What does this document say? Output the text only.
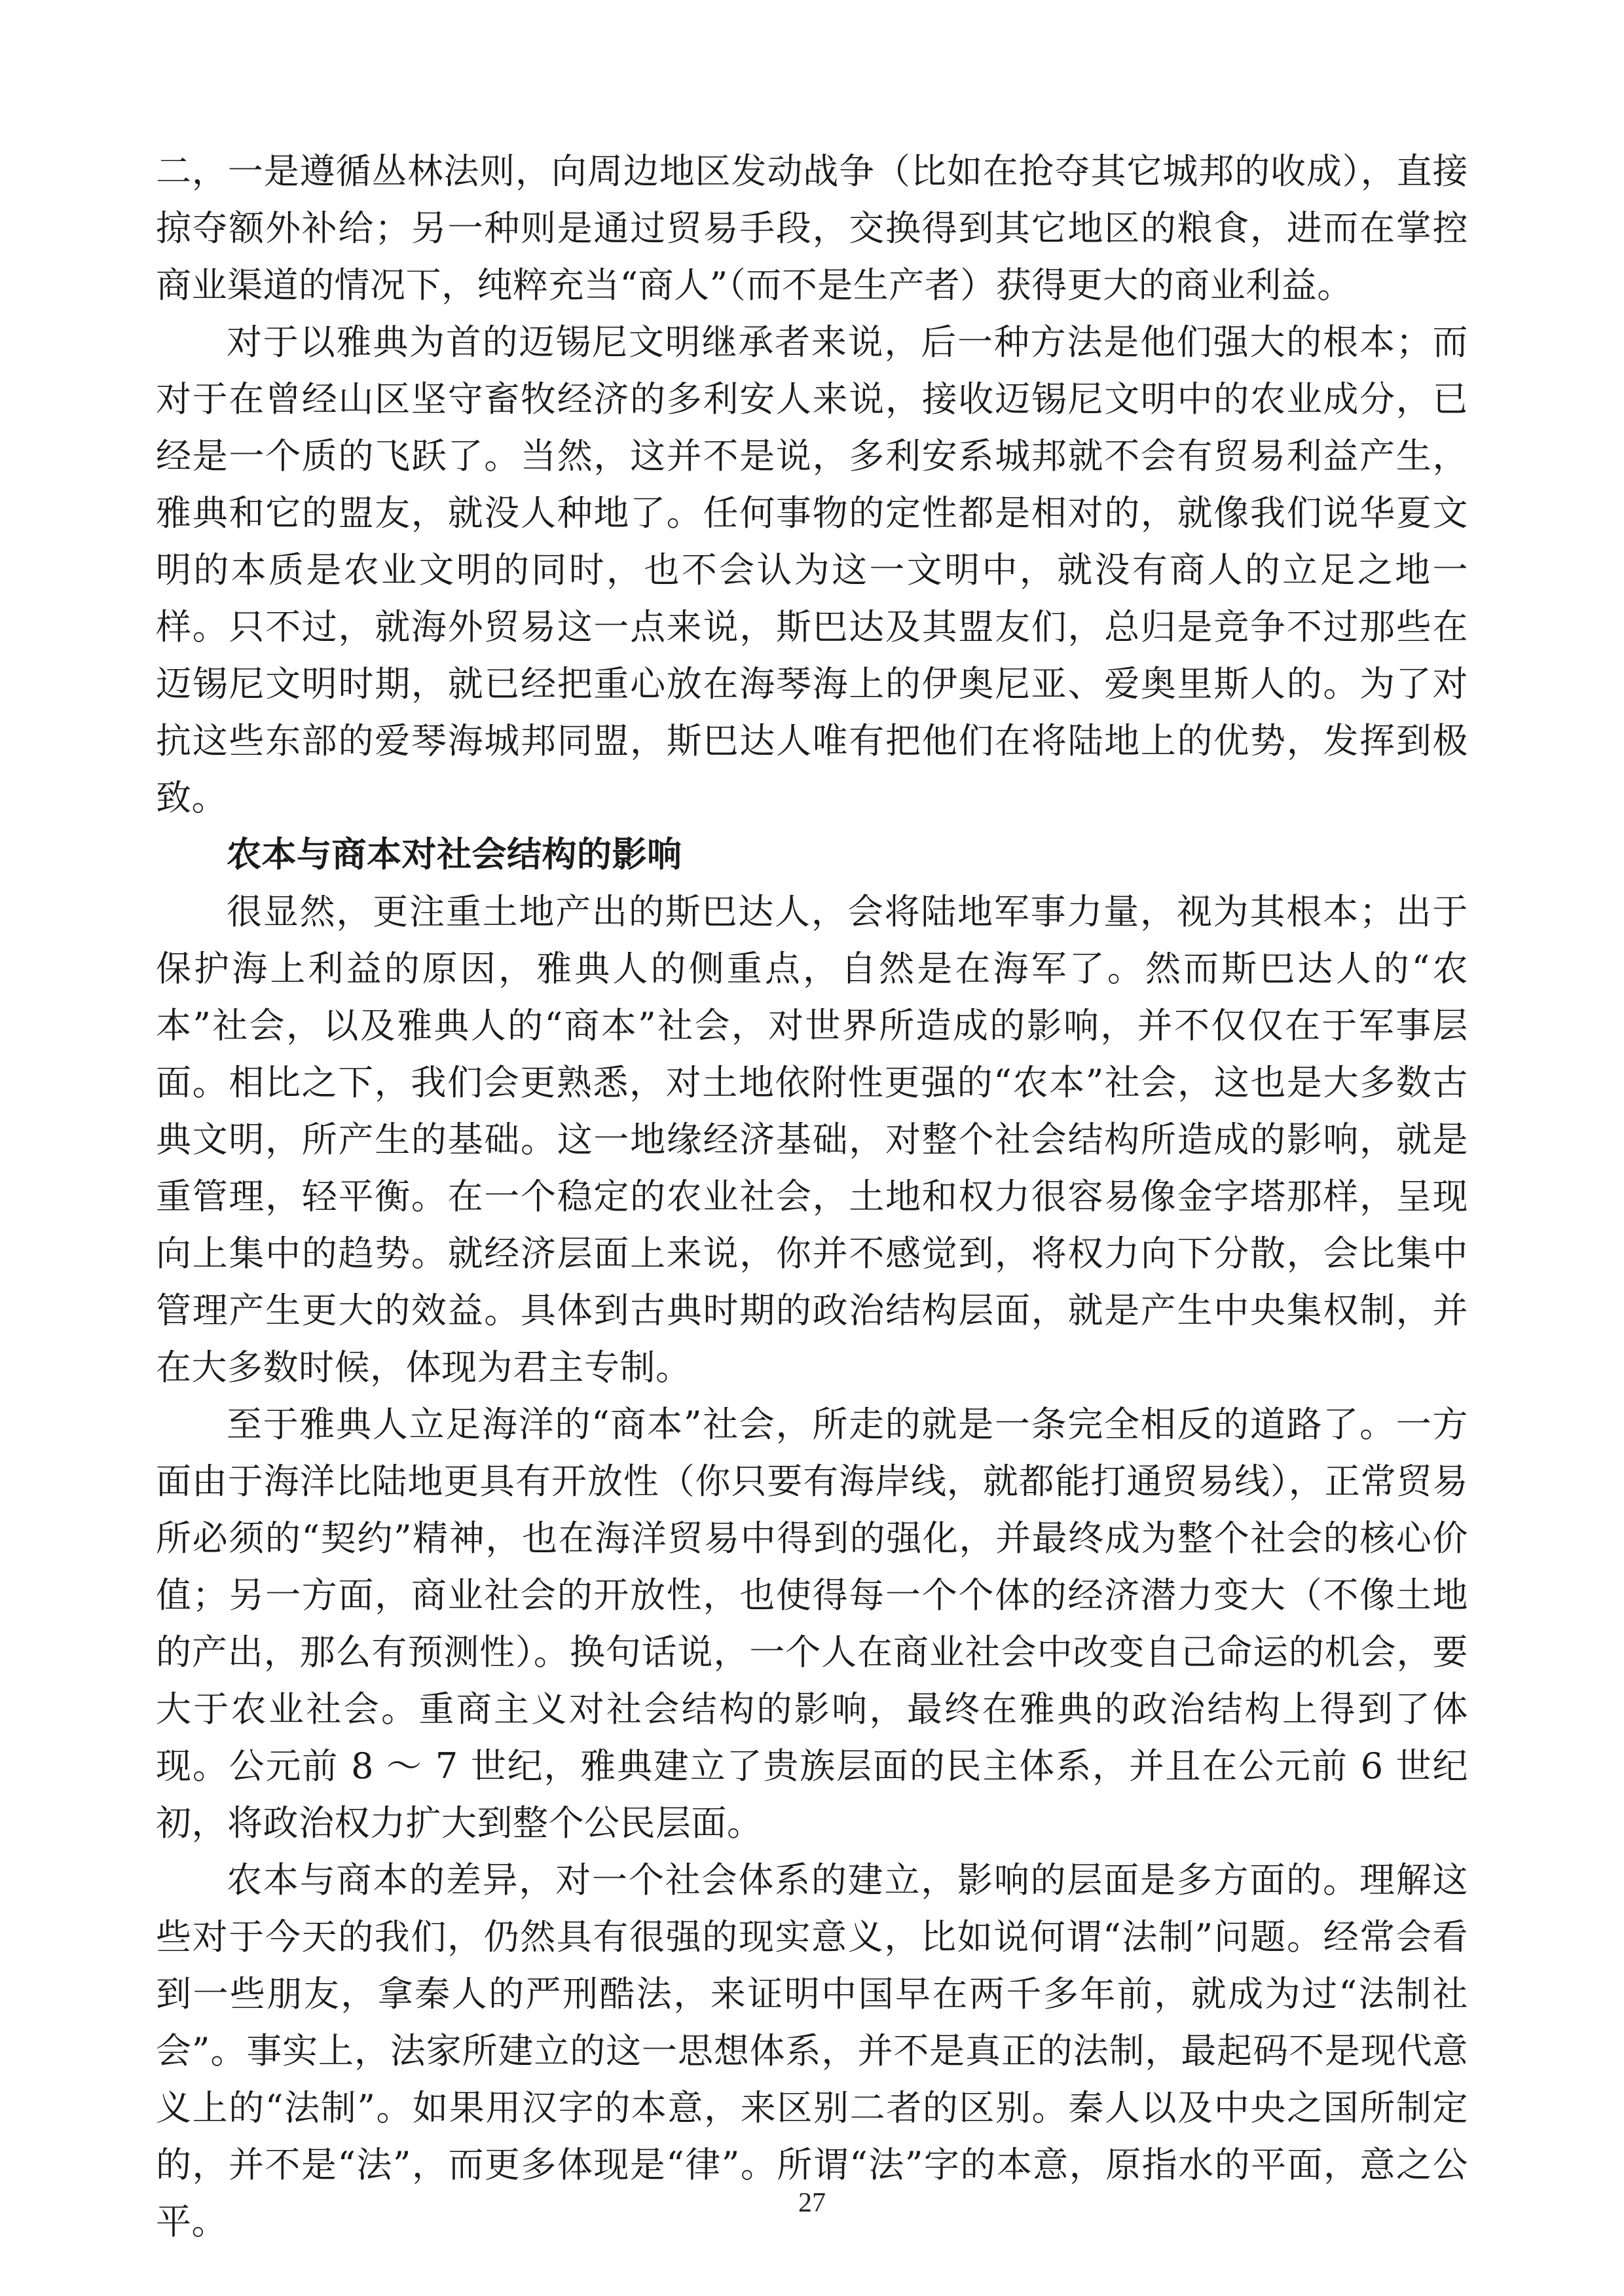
二，一是遵循丛林法则，向周边地区发动战争（比如在抢夺其它城邦的收成），直接掠夺额外补给；另一种则是通过贸易手段，交换得到其它地区的粮食，进而在掌控商业渠道的情况下，纯粹充当“商人”（而不是生产者）获得更大的商业利益。

对于以雅典为首的迈锡尼文明继承者来说，后一种方法是他们强大的根本；而对于在曾经山区坚守畜牧经济的多利安人来说，接收迈锡尼文明中的农业成分，已经是一个质的飞跃了。当然，这并不是说，多利安系城邦就不会有贸易利益产生，雅典和它的盟友，就没人种地了。任何事物的定性都是相对的，就像我们说华夏文明的本质是农业文明的同时，也不会认为这一文明中，就没有商人的立足之地一样。只不过，就海外贸易这一点来说，斯巴达及其盟友们，总归是竞争不过那些在迈锡尼文明时期，就已经把重心放在海琴海上的伊奥尼亚、爱奥里斯人的。为了对抗这些东部的爱琴海城邦同盟，斯巴达人唯有把他们在将陆地上的优势，发挥到极致。

农本与商本对社会结构的影响

很显然，更注重土地产出的斯巴达人，会将陆地军事力量，视为其根本；出于保护海上利益的原因，雅典人的侧重点，自然是在海军了。然而斯巴达人的“农本”社会，以及雅典人的“商本”社会，对世界所造成的影响，并不仅仅在于军事层面。相比之下，我们会更熟悉，对土地依附性更强的“农本”社会，这也是大多数古典文明，所产生的基础。这一地缘经济基础，对整个社会结构所造成的影响，就是重管理，轻平衡。在一个稳定的农业社会，土地和权力很容易像金字塔那样，呈现向上集中的趋势。就经济层面上来说，你并不感觉到，将权力向下分散，会比集中管理产生更大的效益。具体到古典时期的政治结构层面，就是产生中央集权制，并在大多数时候，体现为君主专制。

至于雅典人立足海洋的“商本”社会，所走的就是一条完全相反的道路了。一方面由于海洋比陆地更具有开放性（你只要有海岸线，就都能打通贸易线），正常贸易所必须的“契约”精神，也在海洋贸易中得到的强化，并最终成为整个社会的核心价值；另一方面，商业社会的开放性，也使得每一个个体的经济潜力变大（不像土地的产出，那么有预测性）。换句话说，一个人在商业社会中改变自己命运的机会，要大于农业社会。重商主义对社会结构的影响，最终在雅典的政治结构上得到了体现。公元前 8 ～ 7 世纪，雅典建立了贵族层面的民主体系，并且在公元前 6 世纪初，将政治权力扩大到整个公民层面。

农本与商本的差异，对一个社会体系的建立，影响的层面是多方面的。理解这些对于今天的我们，仍然具有很强的现实意义，比如说何谓“法制”问题。经常会看到一些朋友，拿秦人的严刑酷法，来证明中国早在两千多年前，就成为过“法制社会”。事实上，法家所建立的这一思想体系，并不是真正的法制，最起码不是现代意义上的“法制”。如果用汉字的本意，来区别二者的区别。秦人以及中央之国所制定的，并不是“法”，而更多体现是“律”。所谓“法”字的本意，原指水的平面，意之公平。	27
